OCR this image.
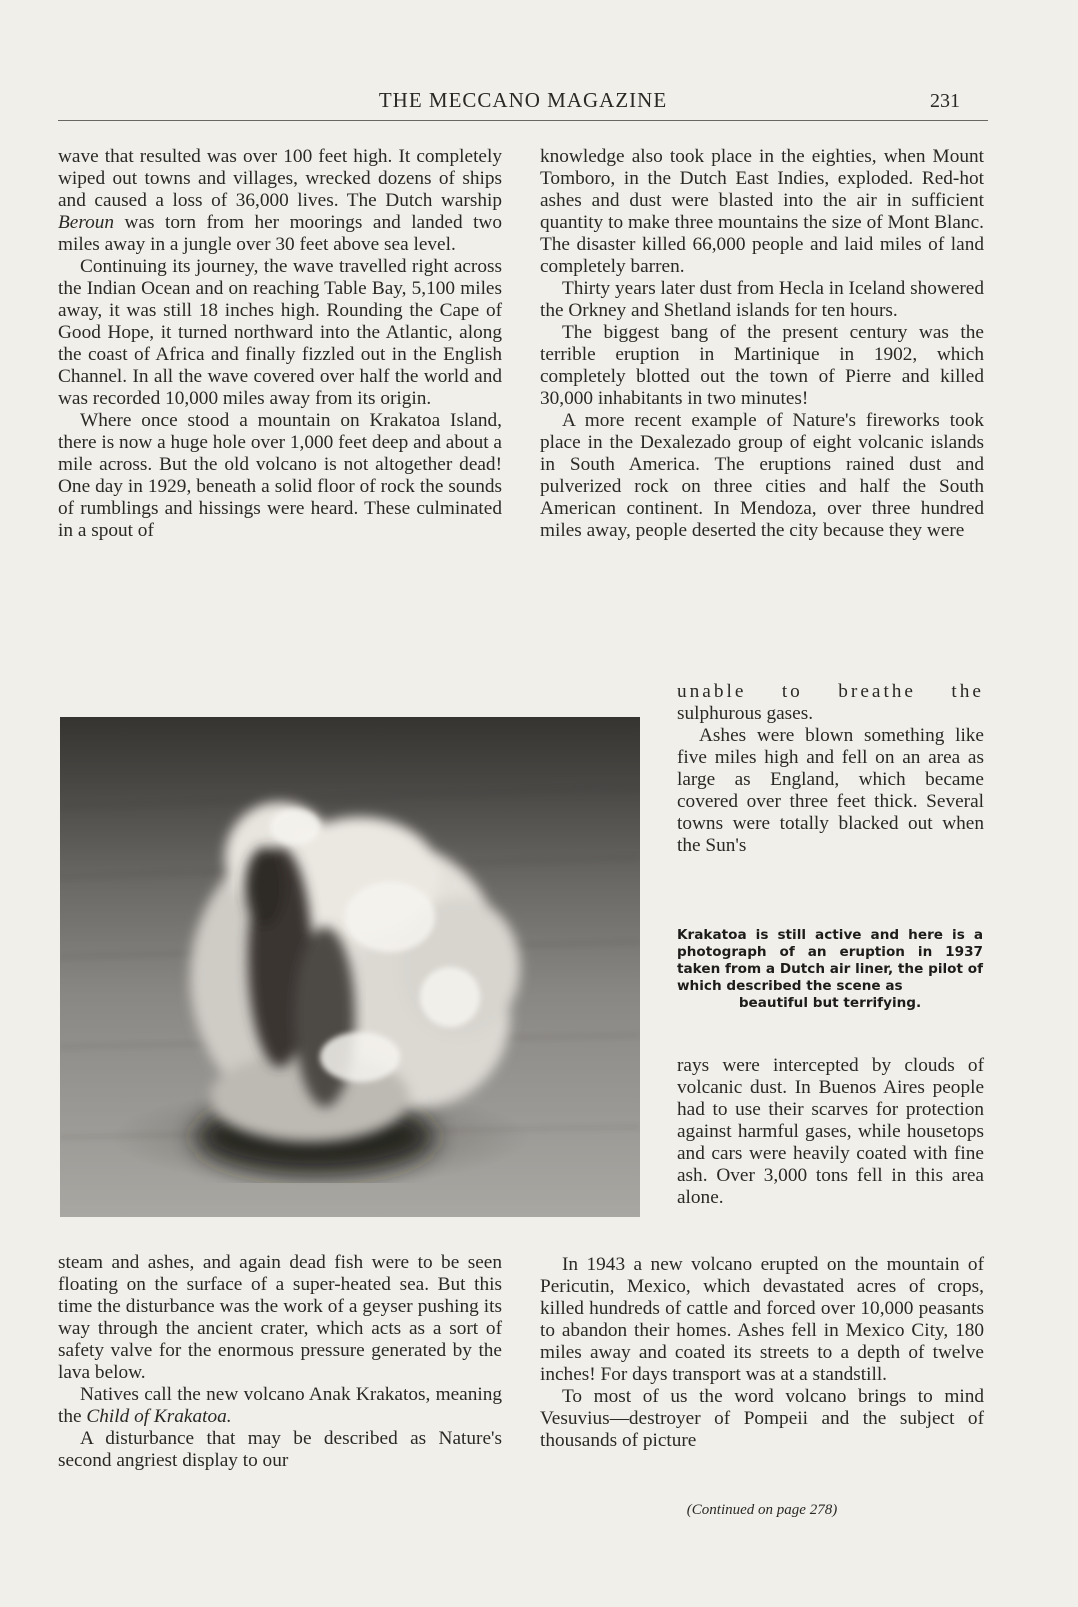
THE MECCANO MAGAZINE	231

wave that resulted was over 100 feet high. It completely wiped out towns and villages, wrecked dozens of ships and caused a loss of 36,000 lives. The Dutch warship Beroun was torn from her moorings and landed two miles away in a jungle over 30 feet above sea level.

Continuing its journey, the wave travelled right across the Indian Ocean and on reaching Table Bay, 5,100 miles away, it was still 18 inches high. Rounding the Cape of Good Hope, it turned northward into the Atlantic, along the coast of Africa and finally fizzled out in the English Channel. In all the wave covered over half the world and was recorded 10,000 miles away from its origin.

Where once stood a mountain on Krakatoa Island, there is now a huge hole over 1,000 feet deep and about a mile across. But the old volcano is not altogether dead! One day in 1929, beneath a solid floor of rock the sounds of rumblings and hissings were heard. These culminated in a spout of

knowledge also took place in the eighties, when Mount Tomboro, in the Dutch East Indies, exploded. Red-hot ashes and dust were blasted into the air in sufficient quantity to make three mountains the size of Mont Blanc. The disaster killed 66,000 people and laid miles of land completely barren.

Thirty years later dust from Hecla in Iceland showered the Orkney and Shetland islands for ten hours.

The biggest bang of the present century was the terrible eruption in Martinique in 1902, which completely blotted out the town of Pierre and killed 30,000 inhabitants in two minutes!

A more recent example of Nature's fireworks took place in the Dexalezado group of eight volcanic islands in South America. The eruptions rained dust and pulverized rock on three cities and half the South American continent. In Mendoza, over three hundred miles away, people deserted the city because they were

unable to breathe the

sulphurous gases.

Ashes were blown something like five miles high and fell on an area as large as England, which became covered over three feet thick. Several towns were totally blacked out when the Sun's

Krakatoa is still active and here is a photograph of an eruption in 1937 taken from a Dutch air liner, the pilot of which described the scene as
beautiful but terrifying.

rays were intercepted by clouds of volcanic dust. In Buenos Aires people had to use their scarves for protection against harmful gases, while housetops and cars were heavily coated with fine ash. Over 3,000 tons fell in this area alone.

steam and ashes, and again dead fish were to be seen floating on the surface of a super-heated sea. But this time the disturbance was the work of a geyser pushing its way through the ancient crater, which acts as a sort of safety valve for the enormous pressure generated by the lava below.

Natives call the new volcano Anak Krakatos, meaning the Child of Krakatoa.

A disturbance that may be described as Nature's second angriest display to our

In 1943 a new volcano erupted on the mountain of Pericutin, Mexico, which devastated acres of crops, killed hundreds of cattle and forced over 10,000 peasants to abandon their homes. Ashes fell in Mexico City, 180 miles away and coated its streets to a depth of twelve inches! For days transport was at a standstill.

To most of us the word volcano brings to mind Vesuvius—destroyer of Pompeii and the subject of thousands of picture

(Continued on page 278)
